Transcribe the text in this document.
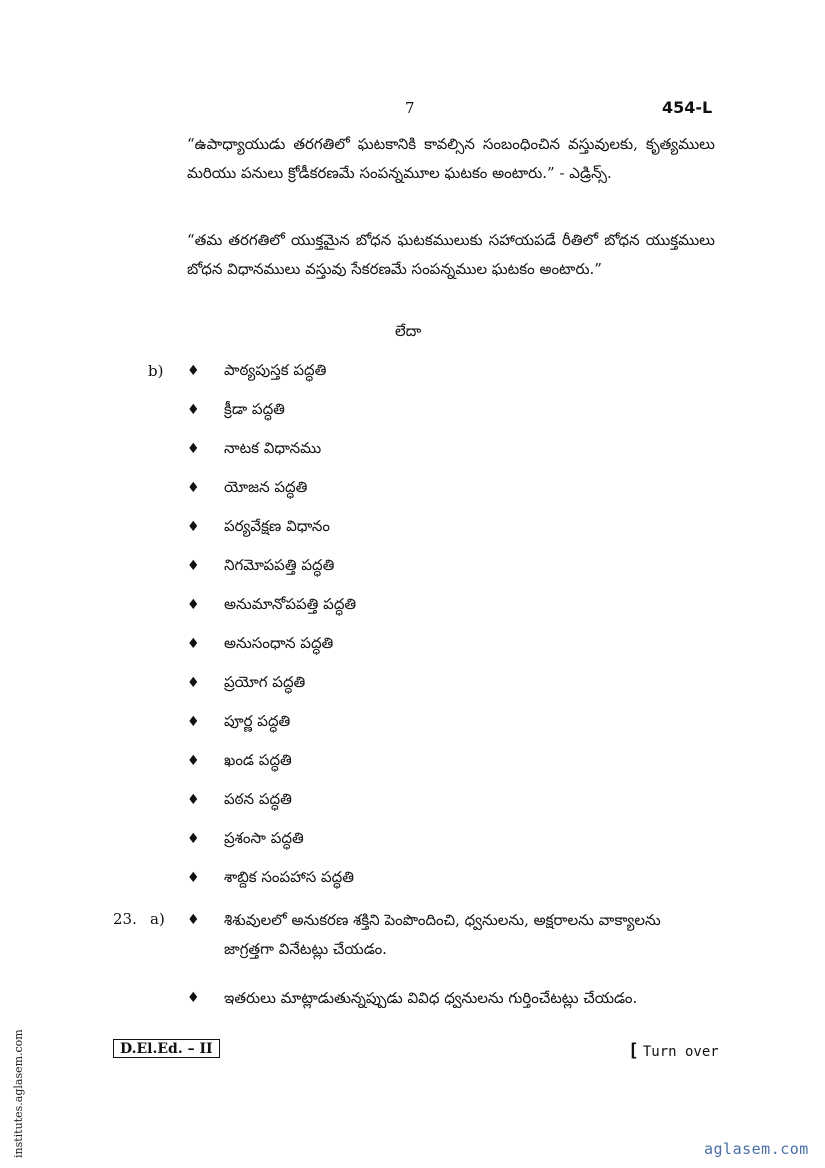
7	454-L
“ఉపాధ్యాయుడు తరగతిలో ఘటకానికి కావల్సిన సంబంధించిన వస్తువులకు, కృత్యములు మరియు పనులు క్రోడీకరణమే సంపన్నమూల ఘటకం అంటారు.” - ఎడ్రిన్స్.
“తమ తరగతిలో యుక్తమైన బోధన ఘటకములుకు సహాయపడే రీతిలో బోధన యుక్తములు బోధన విధానములు వస్తువు సేకరణమే సంపన్నముల ఘటకం అంటారు.”
లేదా
b) ♦ పాఠ్యపుస్తక పద్ధతి
♦ క్రీడా పద్ధతి
♦ నాటక విధానము
♦ యోజన పద్ధతి
♦ పర్యవేక్షణ విధానం
♦ నిగమోపపత్తి పద్ధతి
♦ అనుమానోపపత్తి పద్ధతి
♦ అనుసంధాన పద్ధతి
♦ ప్రయోగ పద్ధతి
♦ పూర్ణ పద్ధతి
♦ ఖండ పద్ధతి
♦ పఠన పద్ధతి
♦ ప్రశంసా పద్ధతి
♦ శాబ్దిక సంపహాస పద్ధతి
23. a) ♦ శిశువులలో అనుకరణ శక్తిని పెంపొందించి, ధ్వనులను, అక్షరాలను వాక్యాలను జాగ్రత్తగా వినేటట్లు చేయడం.
♦ ఇతరులు మాట్లాడుతున్నప్పుడు వివిధ ధ్వనులను గుర్తించేటట్లు చేయడం.
D.El.Ed. – II	[ Turn over
institutes.aglasem.com	aglasem.com
